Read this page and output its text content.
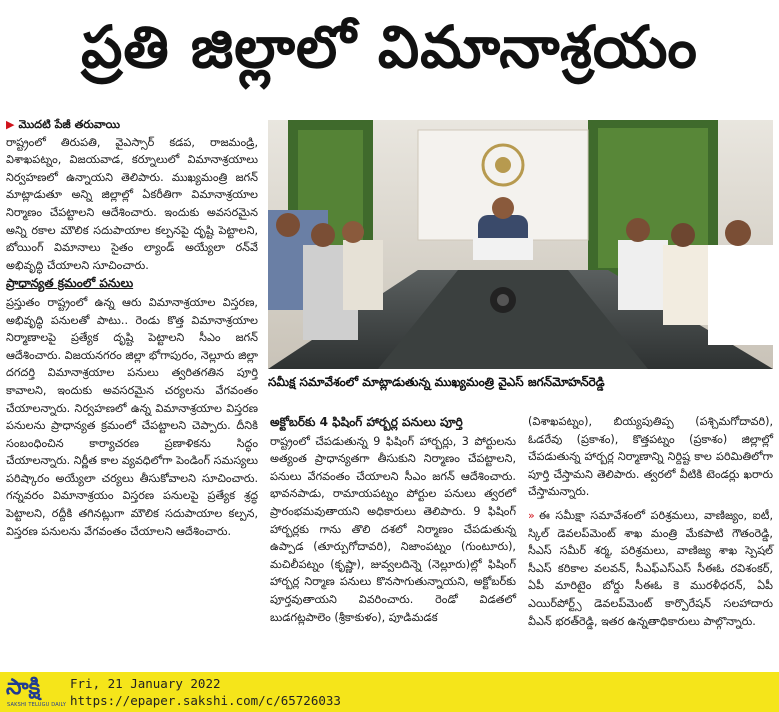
ప్రతి జిల్లాలో విమానాశ్రయం

▶ మొదటి పేజీ తరువాయి

రాష్ట్రంలో తిరుపతి, వైఎస్సార్ కడప, రాజమండ్రి, విశాఖపట్నం, విజయవాడ, కర్నూలులో విమానాశ్రయాలు నిర్వహణలో ఉన్నాయని తెలిపారు. ముఖ్యమంత్రి జగన్ మాట్లాడుతూ అన్ని జిల్లాల్లో ఏకరీతిగా విమానాశ్రయాల నిర్మాణం చేపట్టాలని ఆదేశించారు. ఇందుకు అవసరమైన అన్ని రకాల మౌలిక సదుపాయాల కల్పనపై దృష్టి పెట్టాలని, బోయింగ్ విమానాలు సైతం ల్యాండ్ అయ్యేలా రన్‌వే అభివృద్ధి చేయాలని సూచించారు.

ప్రాధాన్యత క్రమంలో పనులు

ప్రస్తుతం రాష్ట్రంలో ఉన్న ఆరు విమానాశ్రయాల విస్తరణ, అభివృద్ధి పనులతో పాటు.. రెండు కొత్త విమానాశ్రయాల నిర్మాణాలపై ప్రత్యేక దృష్టి పెట్టాలని సీఎం జగన్ ఆదేశించారు. విజయనగరం జిల్లా భోగాపురం, నెల్లూరు జిల్లా దగదర్తి విమానాశ్రయాల పనులు త్వరితగతిన పూర్తి కావాలని, ఇందుకు అవసరమైన చర్యలను వేగవంతం చేయాలన్నారు. నిర్వహణలో ఉన్న విమానాశ్రయాల విస్తరణ పనులను ప్రాధాన్యత క్రమంలో చేపట్టాలని చెప్పారు. దీనికి సంబంధించిన కార్యాచరణ ప్రణాళికను సిద్ధం చేయాలన్నారు. నిర్ణీత కాల వ్యవధిలోగా పెండింగ్ సమస్యలు పరిష్కారం అయ్యేలా చర్యలు తీసుకోవాలని సూచించారు. గన్నవరం విమానాశ్రయం విస్తరణ పనులపై ప్రత్యేక శ్రద్ధ పెట్టాలని, రద్దీకి తగినట్లుగా మౌలిక సదుపాయాల కల్పన, విస్తరణ పనులను వేగవంతం చేయాలని ఆదేశించారు.

సమీక్ష సమావేశంలో మాట్లాడుతున్న ముఖ్యమంత్రి వైఎస్ జగన్‌మోహన్‌రెడ్డి
అక్టోబర్‌కు 4 ఫిషింగ్ హార్బర్ల పనులు పూర్తి

రాష్ట్రంలో చేపడుతున్న 9 ఫిషింగ్ హార్బర్లు, 3 పోర్టులను అత్యంత ప్రాధాన్యతగా తీసుకుని నిర్మాణం చేపట్టాలని, పనులు వేగవంతం చేయాలని సీఎం జగన్ ఆదేశించారు. భావనపాడు, రామాయపట్నం పోర్టుల పనులు త్వరలో ప్రారంభమవుతాయని అధికారులు తెలిపారు. 9 ఫిషింగ్ హార్బర్లకు గాను తొలి దశలో నిర్మాణం చేపడుతున్న ఉప్పాడ (తూర్పుగోదావరి), నిజాంపట్నం (గుంటూరు), మచిలీపట్నం (కృష్ణా), జువ్వలదిన్నె (నెల్లూరు)ల్లో ఫిషింగ్ హార్బర్ల నిర్మాణ పనులు కొనసాగుతున్నాయని, అక్టోబర్‌కు పూర్తవుతాయని వివరించారు. రెండో విడతలో బుడగట్లపాలెం (శ్రీకాకుళం), పూడిమడక

(విశాఖపట్నం), బియ్యపుతిప్ప (పశ్చిమగోదావరి), ఓడరేవు (ప్రకాశం), కొత్తపట్నం (ప్రకాశం) జిల్లాల్లో చేపడుతున్న హార్బర్ల నిర్మాణాన్ని నిర్దిష్ట కాల పరిమితిలోగా పూర్తి చేస్తామని తెలిపారు. త్వరలో వీటికి టెండర్లు ఖరారు చేస్తామన్నారు.

» ఈ సమీక్షా సమావేశంలో పరిశ్రమలు, వాణిజ్యం, ఐటీ, స్కిల్ డెవలప్‌మెంట్ శాఖ మంత్రి మేకపాటి గౌతంరెడ్డి, సీఎస్ సమీర్ శర్మ, పరిశ్రమలు, వాణిజ్య శాఖ స్పెషల్ సీఎస్ కరికాల వలవన్, సీఎఫ్ఎస్ఎస్ సీఈఓ రవిశంకర్, ఏపీ మారిటైం బోర్డు సీఈఓ కె మురళీధరన్, ఏపీ ఎయిర్‌పోర్ట్స్ డెవలప్‌మెంట్ కార్పొరేషన్ సలహాదారు వీఎన్ భరత్‌రెడ్డి, ఇతర ఉన్నతాధికారులు పాల్గొన్నారు.

సాక్షి
SAKSHI TELUGU DAILY
Fri, 21 January 2022
https://epaper.sakshi.com/c/65726033
